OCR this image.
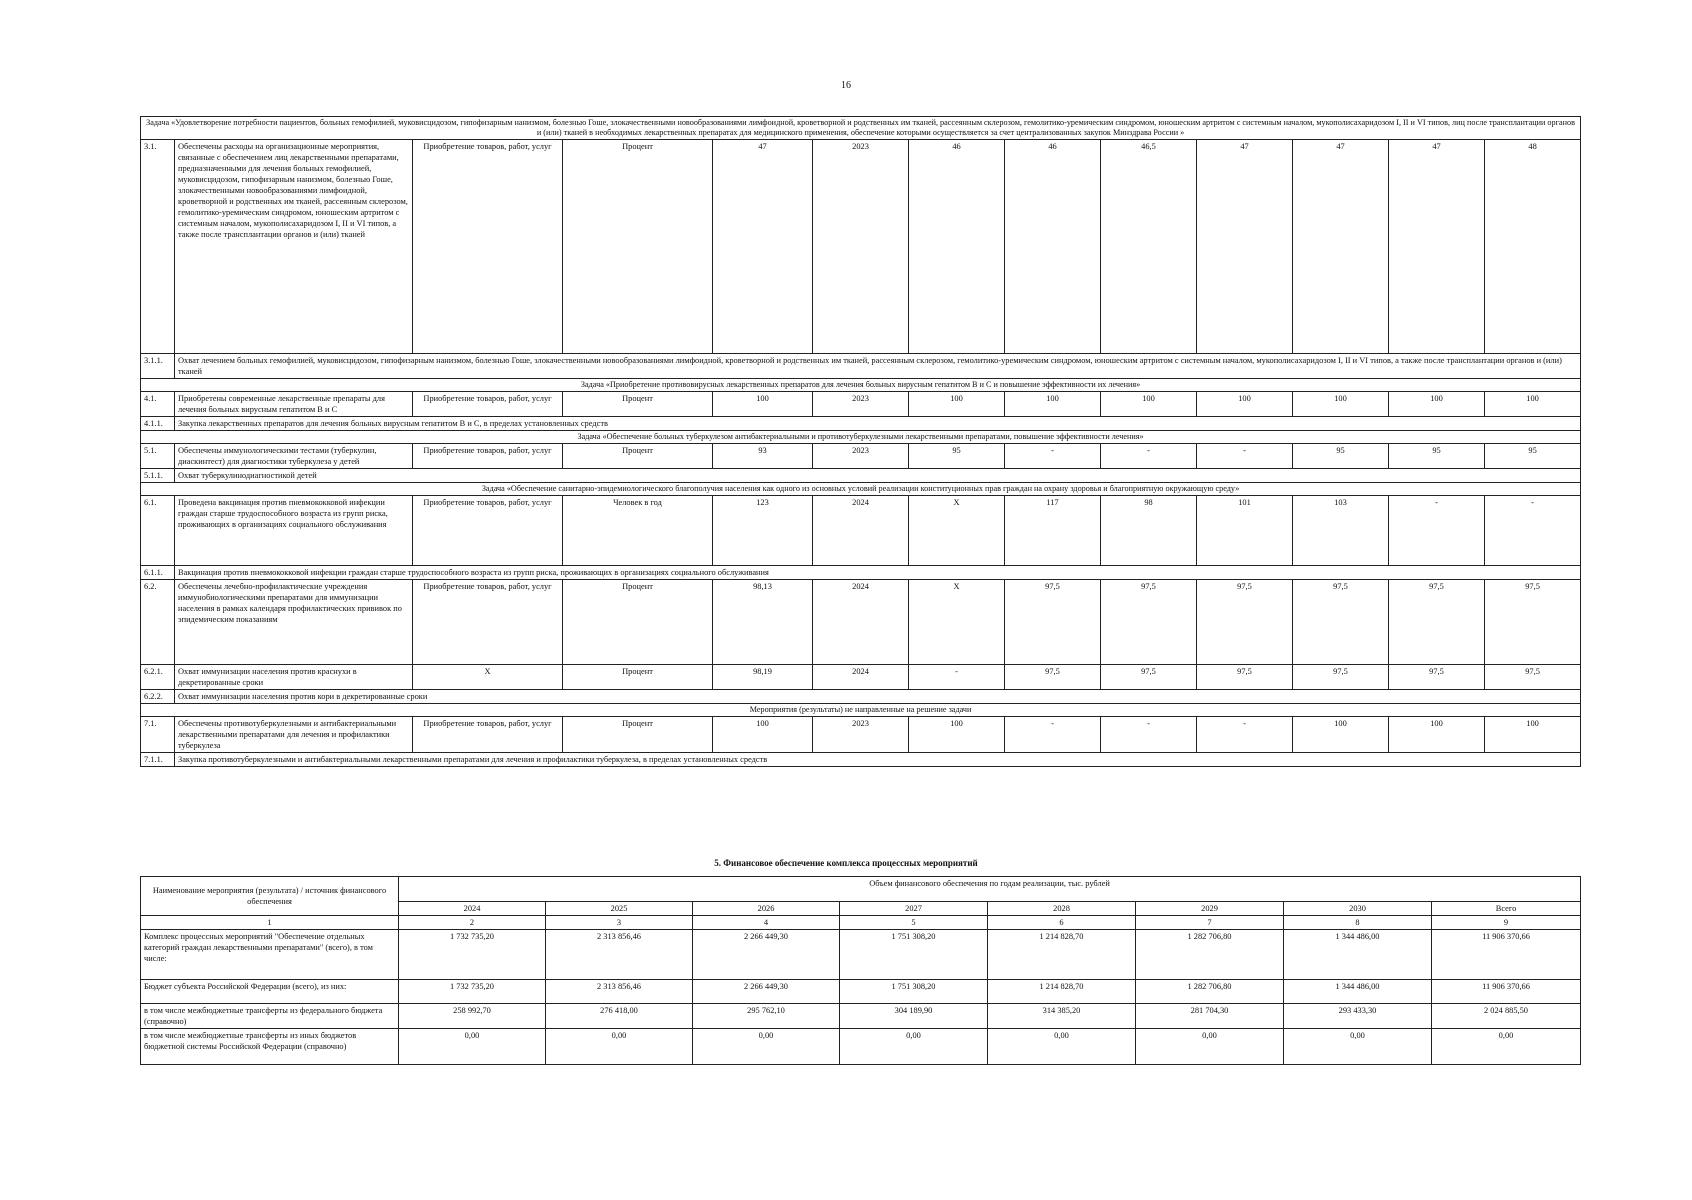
16
Задача «Удовлетворение потребности пациентов, больных гемофилией, муковисцидозом, гипофизарным нанизмом, болезнью Гоше, злокачественными новообразованиями лимфоидной, кроветворной и родственных им тканей, рассеянным склерозом, гемолитико-уремическим синдромом, юношеским артритом с системным началом, мукополисахаридозом I, II и VI типов, лиц после трансплантации органов и (или) тканей в необходимых лекарственных препаратах для медицинского применения, обеспечение которыми осуществляется за счет централизованных закупок Минздрава России »												
3.1.	Обеспечены расходы на организационные мероприятия, связанные с обеспечением лиц лекарственными препаратами, предназначенными для лечения больных гемофилией, муковисцидозом, гипофизарным нанизмом, болезнью Гоше, злокачественными новообразованиями лимфоидной, кроветворной и родственных им тканей, рассеянным склерозом, гемолитико-уремическим синдромом, юношеским артритом с системным началом, мукополисахаридозом I, II и VI типов, а также после трансплантации органов и (или) тканей	Приобретение товаров, работ, услуг	Процент	47	2023	46	46	46,5	47	47	47	48
3.1.1.	Охват лечением больных гемофилией, муковисцидозом, гипофизарным нанизмом, болезнью Гоше, злокачественными новообразованиями лимфоидной, кроветворной и родственных им тканей, рассеянным склерозом, гемолитико-уремическим синдромом, юношеским артритом с системным началом, мукополисахаридозом I, II и VI типов, а также после трансплантации органов и (или) тканей											
Задача «Приобретение противовирусных лекарственных препаратов для лечения больных вирусным гепатитом В и С и повышение эффективности их лечения»												
4.1.	Приобретены современные лекарственные препараты для лечения больных вирусным гепатитом В и С	Приобретение товаров, работ, услуг	Процент	100	2023	100	100	100	100	100	100	100
4.1.1.	Закупка лекарственных препаратов для лечения больных вирусным гепатитом В и С, в пределах установленных средств											
Задача «Обеспечение больных туберкулезом антибактериальными и противотуберкулезными лекарственными препаратами, повышение эффективности лечения»												
5.1.	Обеспечены иммунологическими тестами (туберкулин, диаскинтест) для диагностики туберкулеза у детей	Приобретение товаров, работ, услуг	Процент	93	2023	95	-	-	-	95	95	95
5.1.1.	Охват туберкулинодиагностикой детей											
Задача «Обеспечение санитарно-эпидемиологического благополучия населения как одного из основных условий реализации конституционных прав граждан на охрану здоровья и благоприятную окружающую среду»												
6.1.	Проведена вакцинация против пневмококковой инфекции граждан старше трудоспособного возраста из групп риска, проживающих в организациях социального обслуживания	Приобретение товаров, работ, услуг	Человек в год	123	2024	X	117	98	101	103	-	-
6.1.1.	Вакцинация против пневмококковой инфекции граждан старше трудоспособного возраста из групп риска, проживающих в организациях социального обслуживания											
6.2.	Обеспечены лечебно-профилактические учреждения иммунобиологическими препаратами для иммунизации населения в рамках календаря профилактических прививок по эпидемическим показаниям	Приобретение товаров, работ, услуг	Процент	98,13	2024	X	97,5	97,5	97,5	97,5	97,5	97,5
6.2.1.	Охват иммунизации населения против краснухи в декретированные сроки	X	Процент	98,19	2024	-	97,5	97,5	97,5	97,5	97,5	97,5
6.2.2.	Охват иммунизации населения против кори в декретированные сроки											
Мероприятия (результаты) не направленные на решение задачи												
7.1.	Обеспечены противотуберкулезными и антибактериальными лекарственными препаратами для лечения и профилактики туберкулеза	Приобретение товаров, работ, услуг	Процент	100	2023	100	-	-	-	100	100	100
7.1.1.	Закупка противотуберкулезными и антибактериальными лекарственными препаратами для лечения и профилактики туберкулеза, в пределах установленных средств											
5. Финансовое обеспечение комплекса процессных мероприятий
Наименование мероприятия (результата) / источник финансового обеспечения	Объем финансового обеспечения по годам реализации, тыс. рублей							
	2024	2025	2026	2027	2028	2029	2030	Всего
1	2	3	4	5	6	7	8	9
Комплекс процессных мероприятий "Обеспечение отдельных категорий граждан лекарственными препаратами" (всего), в том числе:	1 732 735,20	2 313 856,46	2 266 449,30	1 751 308,20	1 214 828,70	1 282 706,80	1 344 486,00	11 906 370,66
Бюджет субъекта Российской Федерации (всего), из них:	1 732 735,20	2 313 856,46	2 266 449,30	1 751 308,20	1 214 828,70	1 282 706,80	1 344 486,00	11 906 370,66
в том числе межбюджетные трансферты из федерального бюджета (справочно)	258 992,70	276 418,00	295 762,10	304 189,90	314 385,20	281 704,30	293 433,30	2 024 885,50
в том числе межбюджетные трансферты из иных бюджетов бюджетной системы Российской Федерации (справочно)	0,00	0,00	0,00	0,00	0,00	0,00	0,00	0,00
